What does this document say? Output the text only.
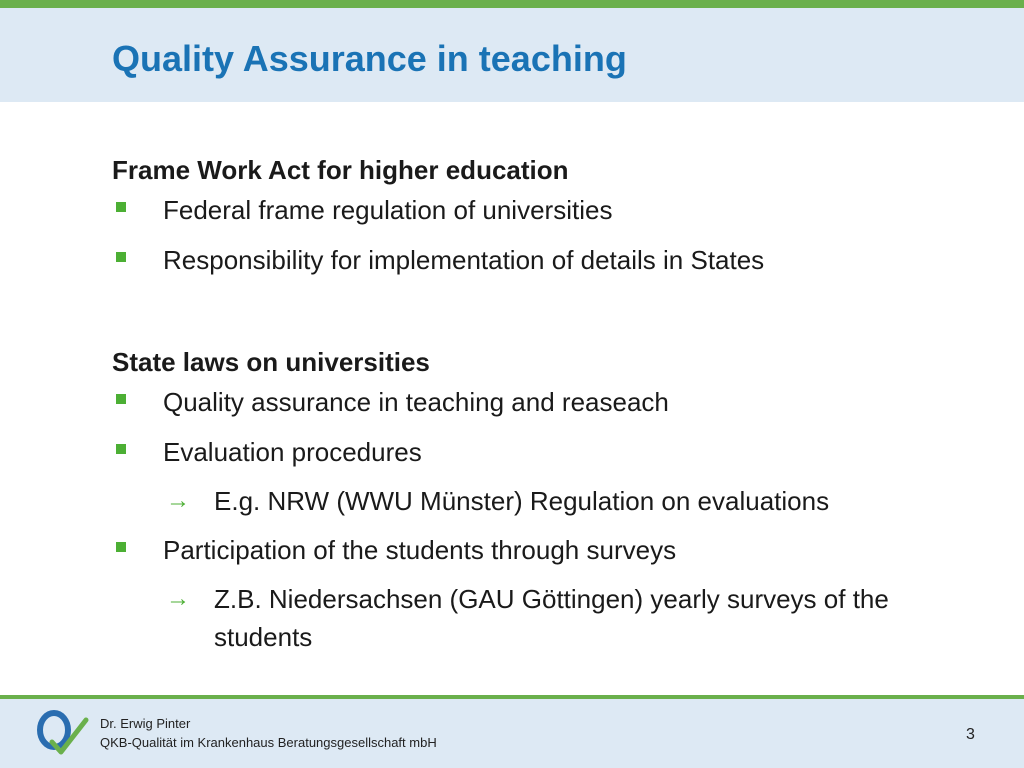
Quality Assurance in teaching
Frame Work Act for higher education
Federal frame regulation of universities
Responsibility for implementation of details in States
State laws on universities
Quality assurance in teaching and reaseach
Evaluation procedures
→ E.g. NRW (WWU Münster) Regulation on evaluations
Participation of the students through surveys
→ Z.B. Niedersachsen (GAU Göttingen) yearly surveys of the students
Dr. Erwig Pinter
QKB-Qualität im Krankenhaus Beratungsgesellschaft mbH	3
